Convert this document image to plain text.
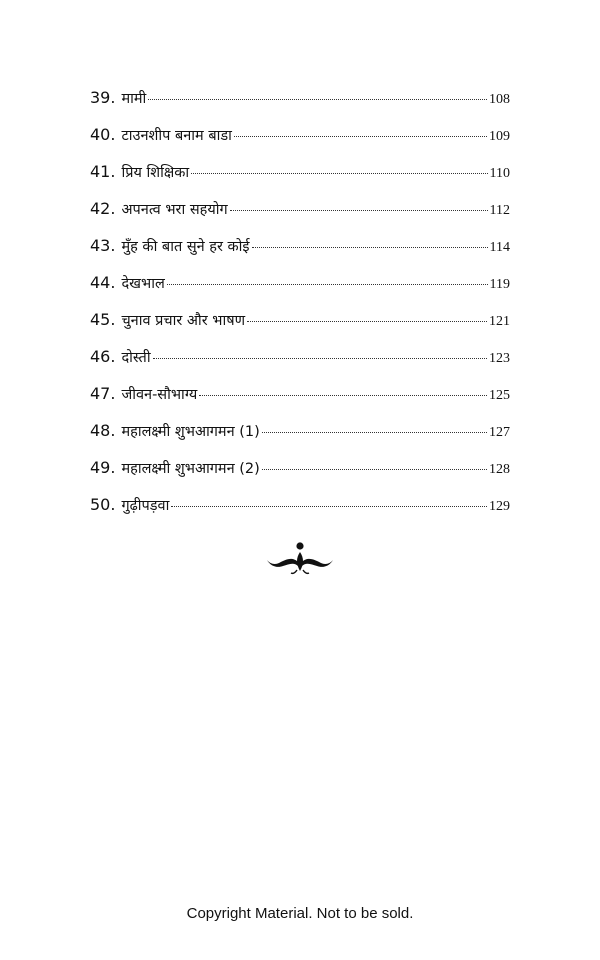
39. मामी	108
40. टाउनशीप बनाम बाडा	109
41. प्रिय शिक्षिका	110
42. अपनत्व भरा सहयोग	112
43. मुँह की बात सुने हर कोई	114
44. देखभाल	119
45. चुनाव प्रचार और भाषण	121
46. दोस्ती	123
47. जीवन-सौभाग्य	125
48. महालक्ष्मी शुभआगमन (1)	127
49. महालक्ष्मी शुभआगमन (2)	128
50. गुढ़ीपड़वा	129
Copyright Material. Not to be sold.
